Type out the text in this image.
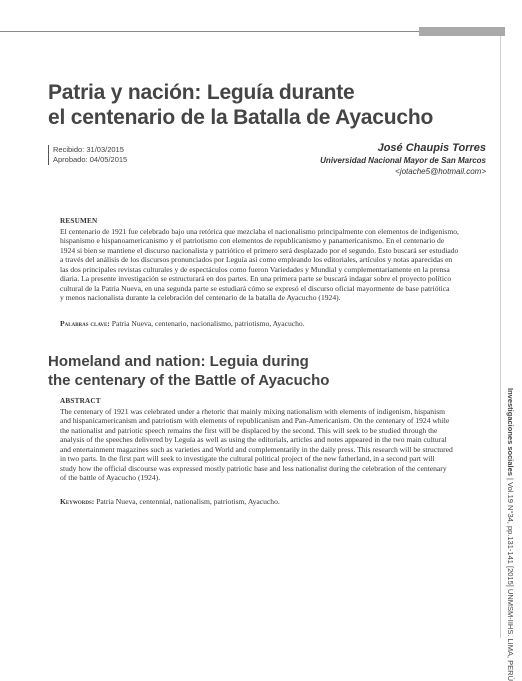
Patria y nación: Leguía durante
el centenario de la Batalla de Ayacucho
Recibido: 31/03/2015
Aprobado: 04/05/2015
José Chaupis Torres
Universidad Nacional Mayor de San Marcos
<jotache5@hotmail.com>
RESUMEN
El centenario de 1921 fue celebrado bajo una retórica que mezclaba el nacionalismo principalmente con elementos de indigenismo,
hispanismo e hispanoamericanismo y el patriotismo con elementos de republicanismo y panamericanismo. En el centenario de
1924 si bien se mantiene el discurso nacionalista y patriótico el primero será desplazado por el segundo. Esto buscará ser estudiado
a través del análisis de los discursos pronunciados por Leguía así como empleando los editoriales, artículos y notas aparecidas en
las dos principales revistas culturales y de espectáculos como fueron Variedades y Mundial y complementariamente en la prensa
diaria. La presente investigación se estructurará en dos partes. En una primera parte se buscará indagar sobre el proyecto político
cultural de la Patria Nueva, en una segunda parte se estudiará cómo se expresó el discurso oficial mayormente de base patriótica
y menos nacionalista durante la celebración del centenario de la batalla de Ayacucho (1924).
Palabras clave: Patria Nueva, centenario, nacionalismo, patriotismo, Ayacucho.
Homeland and nation: Leguia during
the centenary of the Battle of Ayacucho
ABSTRACT
The centenary of 1921 was celebrated under a rhetoric that mainly mixing nationalism with elements of indigenism, hispanism
and hispanicamericanism and patriotism with elements of republicanism and Pan-Americanism. On the centenary of 1924 while
the nationalist and patriotic speech remains the first will be displaced by the second. This will seek to be studied through the
analysis of the speeches delivered by Leguía as well as using the editorials, articles and notes appeared in the two main cultural
and entertainment magazines such as varieties and World and complementarily in the daily press. This research will be structured
in two parts. In the first part will seek to investigate the cultural political project of the new fatherland, in a second part will
study how the official discourse was expressed mostly patriotic base and less nationalist during the celebration of the centenary
of the battle of Ayacucho (1924).
Keywords: Patria Nueva, centennial, nationalism, patriotism, Ayacucho.
Investigaciones sociales | Vol.19 N°34, pp.131-141 [2015] UNMSM-IIHS. LIMA, PERÚ
